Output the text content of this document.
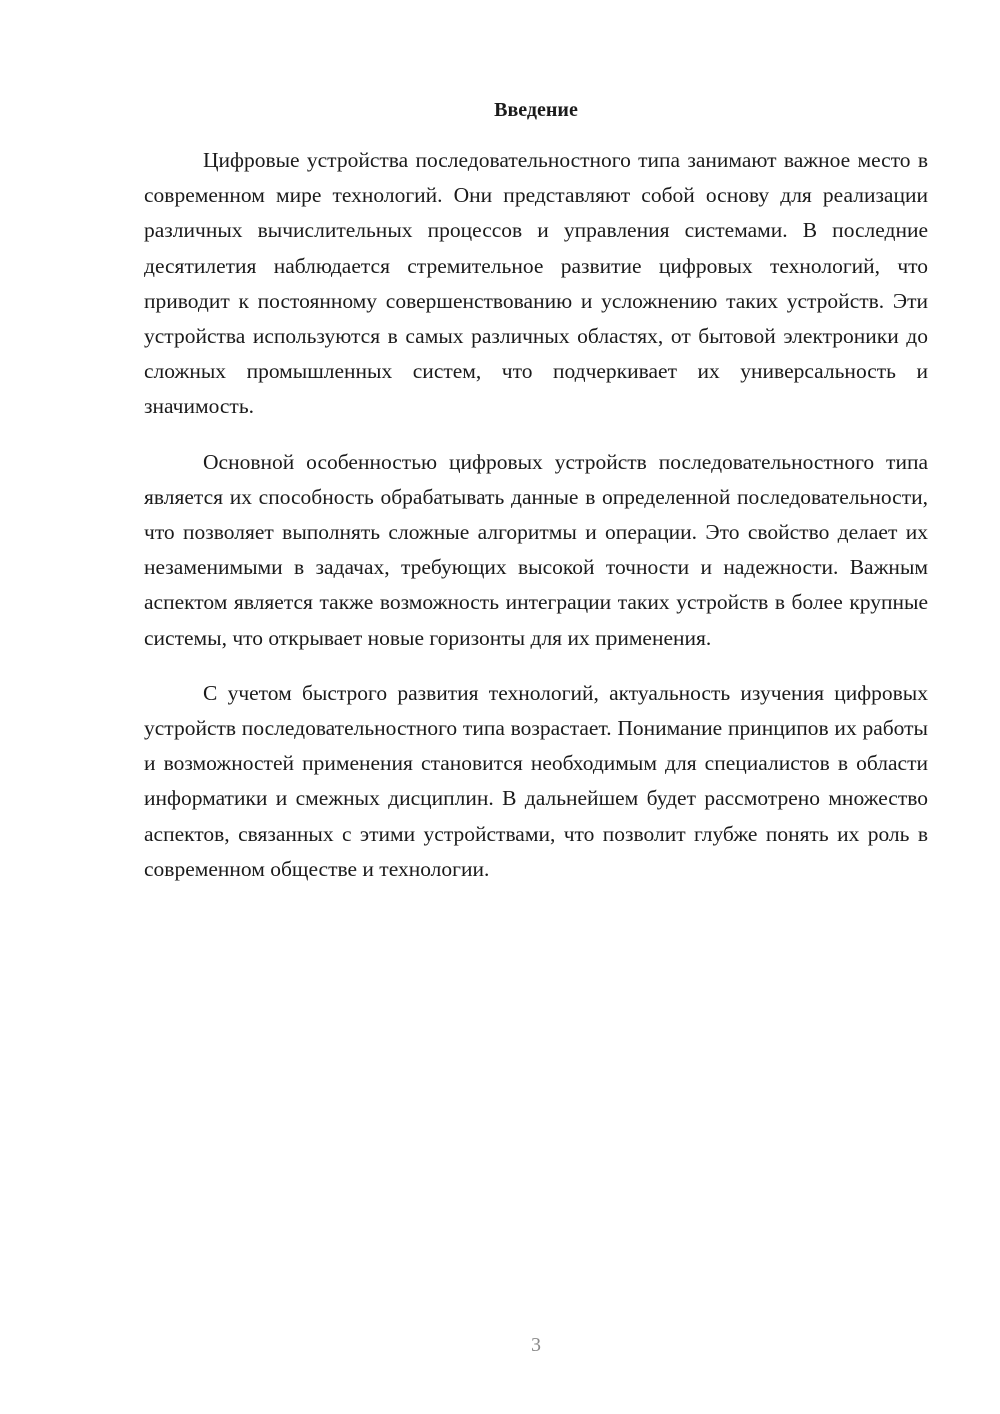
Введение

Цифровые устройства последовательностного типа занимают важное место в современном мире технологий. Они представляют собой основу для реализации различных вычислительных процессов и управления системами. В последние десятилетия наблюдается стремительное развитие цифровых технологий, что приводит к постоянному совершенствованию и усложнению таких устройств. Эти устройства используются в самых различных областях, от бытовой электроники до сложных промышленных систем, что подчеркивает их универсальность и значимость.

Основной особенностью цифровых устройств последовательностного типа является их способность обрабатывать данные в определенной последовательности, что позволяет выполнять сложные алгоритмы и операции. Это свойство делает их незаменимыми в задачах, требующих высокой точности и надежности. Важным аспектом является также возможность интеграции таких устройств в более крупные системы, что открывает новые горизонты для их применения.

С учетом быстрого развития технологий, актуальность изучения цифровых устройств последовательностного типа возрастает. Понимание принципов их работы и возможностей применения становится необходимым для специалистов в области информатики и смежных дисциплин. В дальнейшем будет рассмотрено множество аспектов, связанных с этими устройствами, что позволит глубже понять их роль в современном обществе и технологии.

3
